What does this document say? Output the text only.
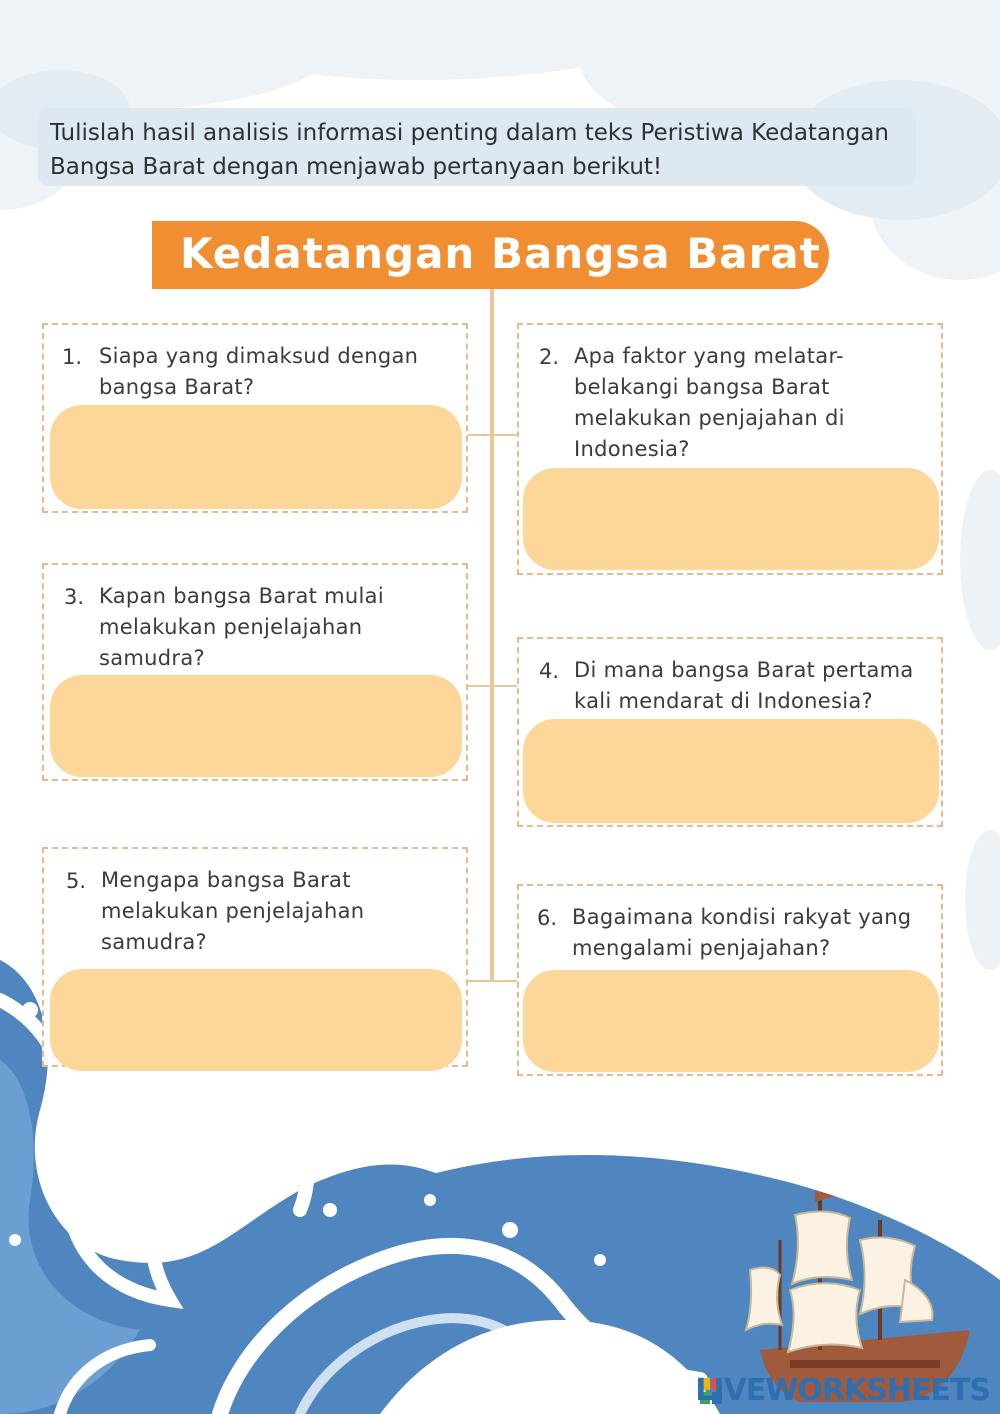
Tulislah hasil analisis informasi penting dalam teks Peristiwa Kedatangan Bangsa Barat dengan menjawab pertanyaan berikut!
Kedatangan Bangsa Barat
1. Siapa yang dimaksud dengan bangsa Barat?
2. Apa faktor yang melatar-belakangi bangsa Barat melakukan penjajahan di Indonesia?
3. Kapan bangsa Barat mulai melakukan penjelajahan samudra?
4. Di mana bangsa Barat pertama kali mendarat di Indonesia?
5. Mengapa bangsa Barat melakukan penjelajahan samudra?
6. Bagaimana kondisi rakyat yang mengalami penjajahan?
LIVEWORKSHEETS
